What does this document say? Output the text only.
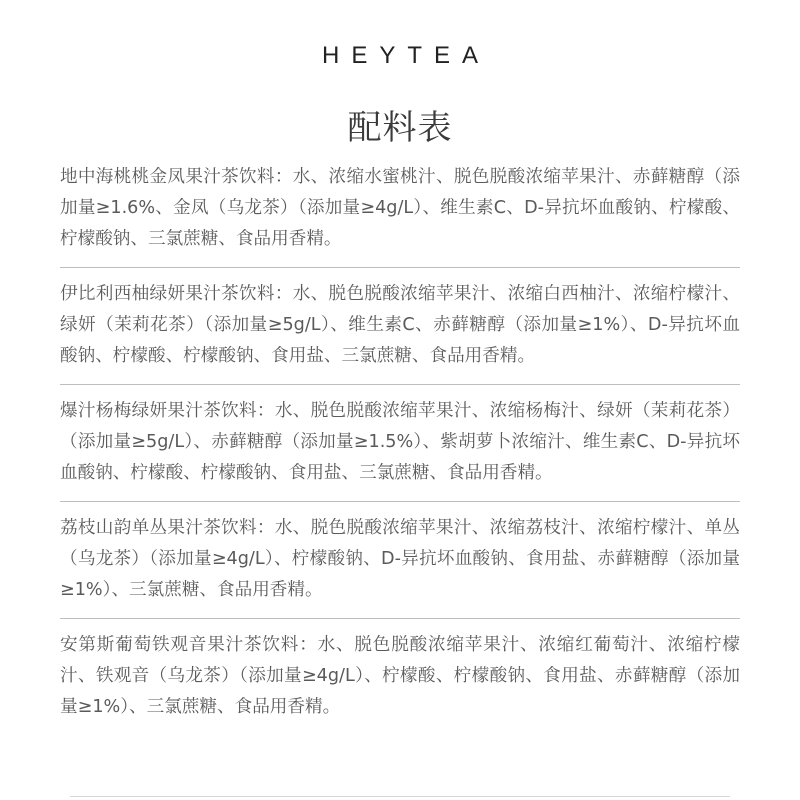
HEYTEA
配料表
地中海桃桃金凤果汁茶饮料：水、浓缩水蜜桃汁、脱色脱酸浓缩苹果汁、赤藓糖醇（添加量≥1.6%、金凤（乌龙茶）（添加量≥4g/L）、维生素C、D-异抗坏血酸钠、柠檬酸、柠檬酸钠、三氯蔗糖、食品用香精。
伊比利西柚绿妍果汁茶饮料：水、脱色脱酸浓缩苹果汁、浓缩白西柚汁、浓缩柠檬汁、绿妍（茉莉花茶）（添加量≥5g/L）、维生素C、赤藓糖醇（添加量≥1%）、D-异抗坏血酸钠、柠檬酸、柠檬酸钠、食用盐、三氯蔗糖、食品用香精。
爆汁杨梅绿妍果汁茶饮料：水、脱色脱酸浓缩苹果汁、浓缩杨梅汁、绿妍（茉莉花茶）（添加量≥5g/L）、赤藓糖醇（添加量≥1.5%）、紫胡萝卜浓缩汁、维生素C、D-异抗坏血酸钠、柠檬酸、柠檬酸钠、食用盐、三氯蔗糖、食品用香精。
荔枝山韵单丛果汁茶饮料：水、脱色脱酸浓缩苹果汁、浓缩荔枝汁、浓缩柠檬汁、单丛（乌龙茶）（添加量≥4g/L）、柠檬酸钠、D-异抗坏血酸钠、食用盐、赤藓糖醇（添加量≥1%）、三氯蔗糖、食品用香精。
安第斯葡萄铁观音果汁茶饮料：水、脱色脱酸浓缩苹果汁、浓缩红葡萄汁、浓缩柠檬汁、铁观音（乌龙茶）（添加量≥4g/L）、柠檬酸、柠檬酸钠、食用盐、赤藓糖醇（添加量≥1%）、三氯蔗糖、食品用香精。
